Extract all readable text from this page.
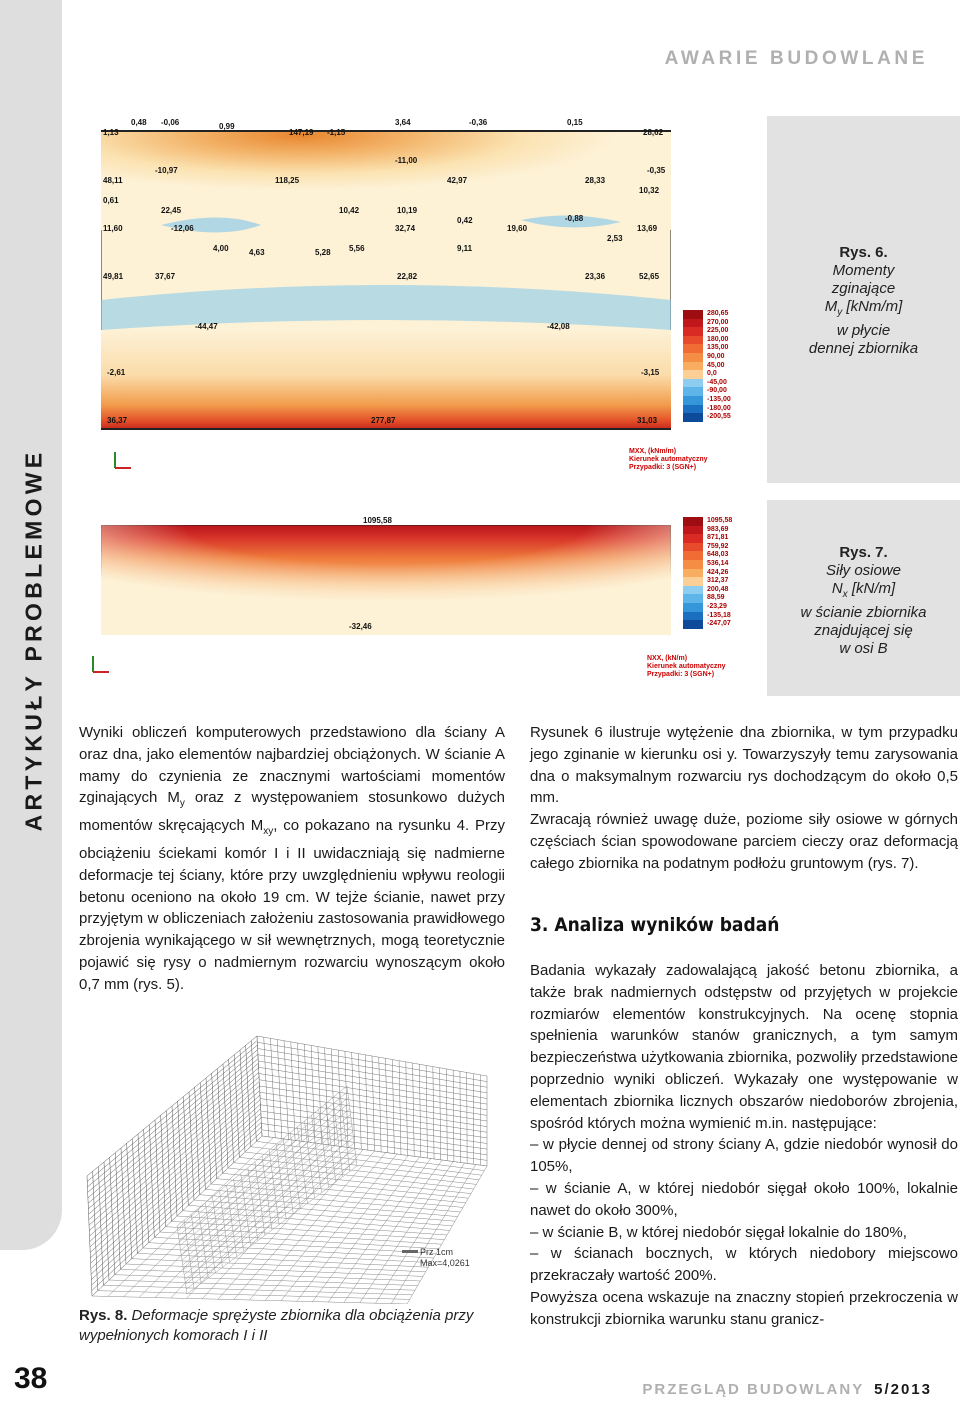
ARTYKUŁY PROBLEMOWE
38
AWARIE BUDOWLANE
0,48 -0,06	0,99
147,19 -1,15
3,64	-0,36	0,15
1,13	28,62
-10,97
118,25
-11,00
42,97	28,33
-0,35
48,11
10,32
0,61
22,45	10,42	10,19
0,42	-0,88
11,60	-12,06	32,74	19,60	13,69
4,00	4,63	5,28 5,56	9,11
2,53
49,81	37,67	22,82	23,36	52,65
-44,47	-42,08
-2,61	-3,15
36,37	277,87	31,03
280,65
270,00
225,00
180,00
135,00
90,00
45,00
0,0
-45,00
-90,00
-135,00
-180,00
-200,55
MXX, (kNm/m)
Kierunek automatyczny
Przypadki: 3 (SGN+)
Rys. 6.
Momenty
zginające
$M_y$ [kNm/m]
w płycie
dennej zbiornika
1095,58
-32,46
1095,58
983,69
871,81
759,92
648,03
536,14
424,26
312,37
200,48
88,59
-23,29
-135,18
-247,07
NXX, (kN/m)
Kierunek automatyczny
Przypadki: 3 (SGN+)
Rys. 7.
Siły osiowe
$N_x$ [kN/m]
w ścianie zbiornika
znajdującej się
w osi B

Wyniki obliczeń komputerowych przedstawiono dla ściany A oraz dna, jako elementów najbardziej obciążonych. W ścianie A mamy do czynienia ze znacznymi wartościami momentów zginających $M_y$ oraz z występowaniem stosunkowo dużych momentów skręcających $M_{xy}$, co pokazano na rysunku 4. Przy obciążeniu ściekami komór I i II uwidaczniają się nadmierne deformacje tej ściany, które przy uwzględnieniu wpływu reologii betonu oceniono na około 19 cm. W tejże ścianie, nawet przy przyjętym w obliczeniach założeniu zastosowania prawidłowego zbrojenia wynikającego w sił wewnętrznych, mogą teoretycznie pojawić się rysy o nadmiernym rozwarciu wynoszącym około 0,7 mm (rys. 5).

Prz 1cm
Max=4,0261
Rys. 8. Deformacje sprężyste zbiornika dla obciążenia przy wypełnionych komorach I i II

Rysunek 6 ilustruje wytężenie dna zbiornika, w tym przypadku jego zginanie w kierunku osi y. Towarzyszyły temu zarysowania dna o maksymalnym rozwarciu rys dochodzącym do około 0,5 mm.

Zwracają również uwagę duże, poziome siły osiowe w górnych częściach ścian spowodowane parciem cieczy oraz deformacją całego zbiornika na podatnym podłożu gruntowym (rys. 7).

3. Analiza wyników badań

Badania wykazały zadowalającą jakość betonu zbiornika, a także brak nadmiernych odstępstw od przyjętych w projekcie rozmiarów elementów konstrukcyjnych. Na ocenę stopnia spełnienia warunków stanów granicznych, a tym samym bezpieczeństwa użytkowania zbiornika, pozwoliły przedstawione poprzednio wyniki obliczeń. Wykazały one występowanie w elementach zbiornika licznych obszarów niedoborów zbrojenia, spośród których można wymienić m.in. następujące:

– w płycie dennej od strony ściany A, gdzie niedobór wynosił do 105%,

– w ścianie A, w której niedobór sięgał około 100%, lokalnie nawet do około 300%,

– w ścianie B, w której niedobór sięgał lokalnie do 180%,

– w ścianach bocznych, w których niedobory miejscowo przekraczały wartość 200%.

Powyższa ocena wskazuje na znaczny stopień przekroczenia w konstrukcji zbiornika warunku stanu granicz-

PRZEGLĄD BUDOWLANY 5/2013
